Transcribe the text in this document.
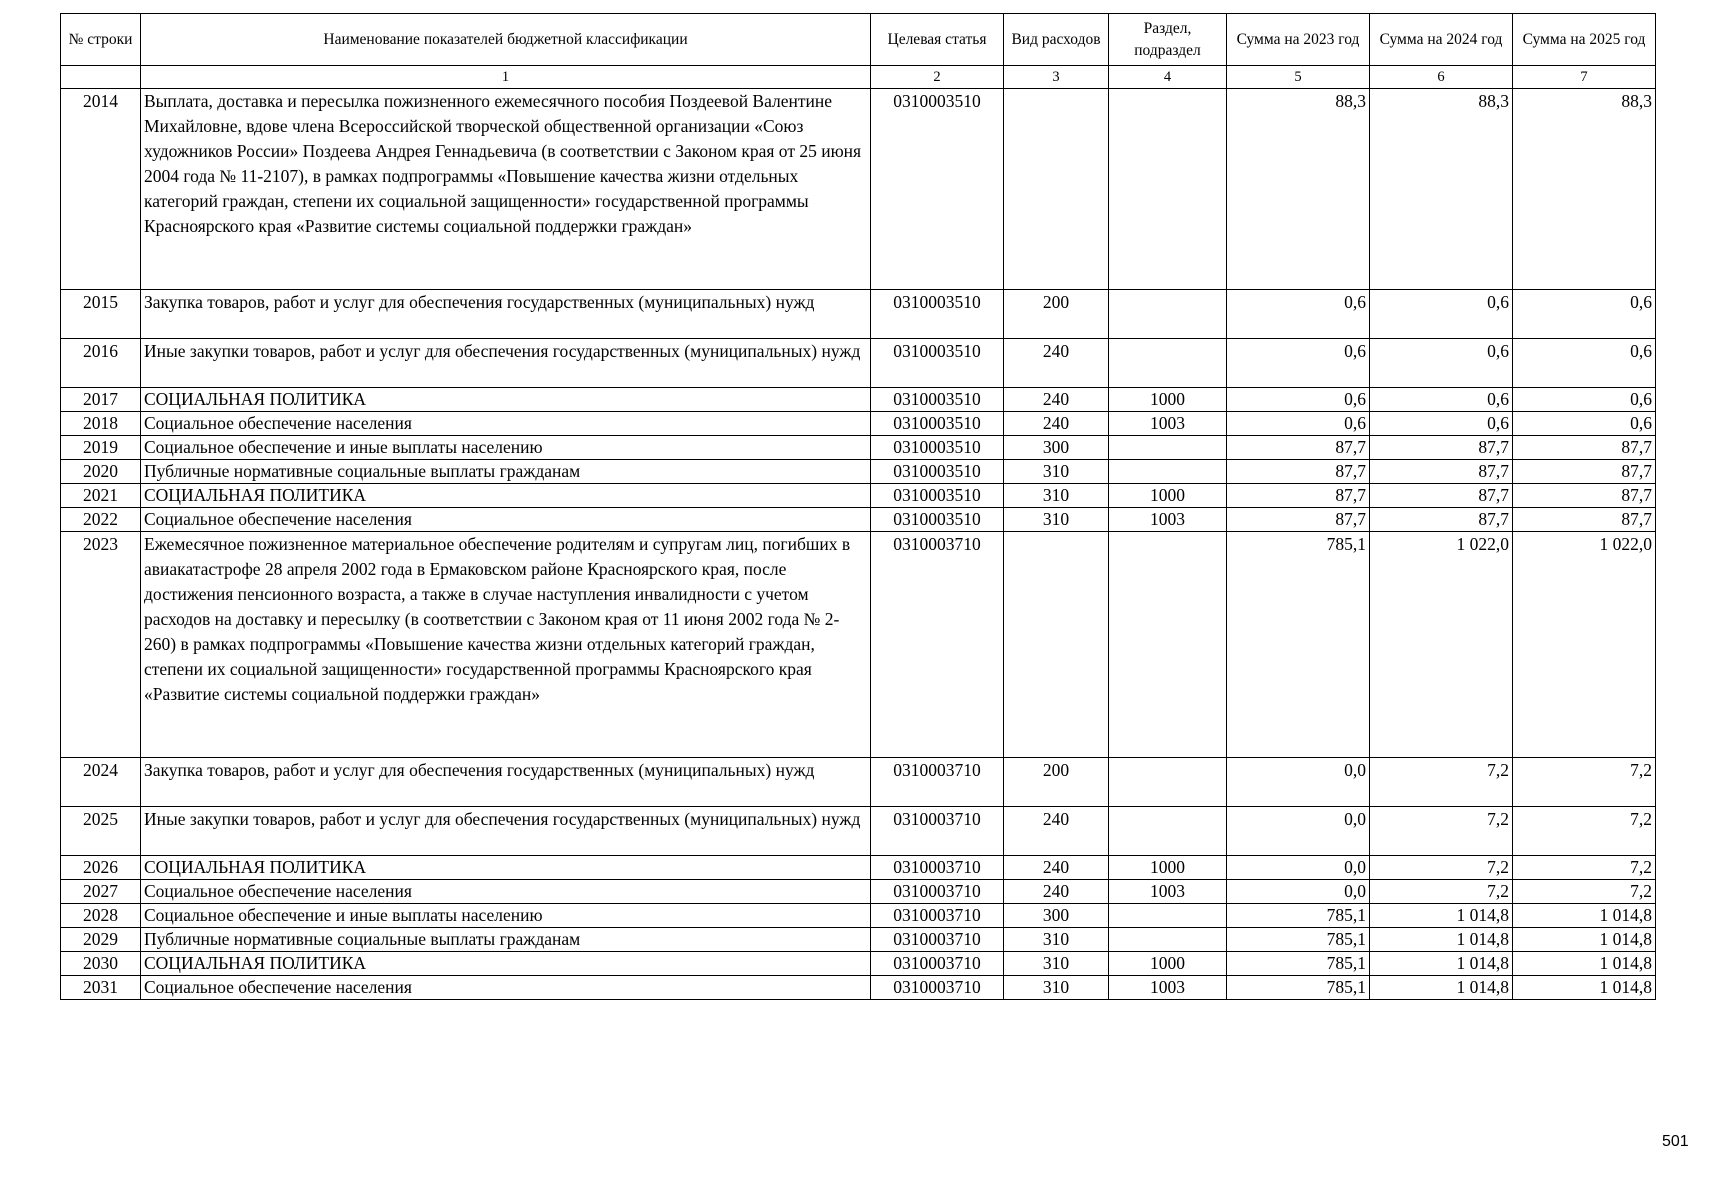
№ строки	Наименование показателей бюджетной классификации	Целевая статья	Вид расходов	Раздел, подраздел	Сумма на 2023 год	Сумма на 2024 год	Сумма на 2025 год
	1	2	3	4	5	6	7
2014	Выплата, доставка и пересылка пожизненного ежемесячного пособия Поздеевой Валентине Михайловне, вдове члена Всероссийской творческой общественной организации «Союз художников России» Поздеева Андрея Геннадьевича (в соответствии с Законом края от 25 июня 2004 года № 11-2107), в рамках подпрограммы «Повышение качества жизни отдельных категорий граждан, степени их социальной защищенности» государственной программы Красноярского края «Развитие системы социальной поддержки граждан»	0310003510			88,3	88,3	88,3
2015	Закупка товаров, работ и услуг для обеспечения государственных (муниципальных) нужд	0310003510	200		0,6	0,6	0,6
2016	Иные закупки товаров, работ и услуг для обеспечения государственных (муниципальных) нужд	0310003510	240		0,6	0,6	0,6
2017	СОЦИАЛЬНАЯ ПОЛИТИКА	0310003510	240	1000	0,6	0,6	0,6
2018	Социальное обеспечение населения	0310003510	240	1003	0,6	0,6	0,6
2019	Социальное обеспечение и иные выплаты населению	0310003510	300		87,7	87,7	87,7
2020	Публичные нормативные социальные выплаты гражданам	0310003510	310		87,7	87,7	87,7
2021	СОЦИАЛЬНАЯ ПОЛИТИКА	0310003510	310	1000	87,7	87,7	87,7
2022	Социальное обеспечение населения	0310003510	310	1003	87,7	87,7	87,7
2023	Ежемесячное пожизненное материальное обеспечение родителям и супругам лиц, погибших в авиакатастрофе 28 апреля 2002 года в Ермаковском районе Красноярского края, после достижения пенсионного возраста, а также в случае наступления инвалидности с учетом расходов на доставку и пересылку (в соответствии с Законом края от 11 июня 2002 года № 2-260) в рамках подпрограммы «Повышение качества жизни отдельных категорий граждан, степени их социальной защищенности» государственной программы Красноярского края «Развитие системы социальной поддержки граждан»	0310003710			785,1	1 022,0	1 022,0
2024	Закупка товаров, работ и услуг для обеспечения государственных (муниципальных) нужд	0310003710	200		0,0	7,2	7,2
2025	Иные закупки товаров, работ и услуг для обеспечения государственных (муниципальных) нужд	0310003710	240		0,0	7,2	7,2
2026	СОЦИАЛЬНАЯ ПОЛИТИКА	0310003710	240	1000	0,0	7,2	7,2
2027	Социальное обеспечение населения	0310003710	240	1003	0,0	7,2	7,2
2028	Социальное обеспечение и иные выплаты населению	0310003710	300		785,1	1 014,8	1 014,8
2029	Публичные нормативные социальные выплаты гражданам	0310003710	310		785,1	1 014,8	1 014,8
2030	СОЦИАЛЬНАЯ ПОЛИТИКА	0310003710	310	1000	785,1	1 014,8	1 014,8
2031	Социальное обеспечение населения	0310003710	310	1003	785,1	1 014,8	1 014,8
501
